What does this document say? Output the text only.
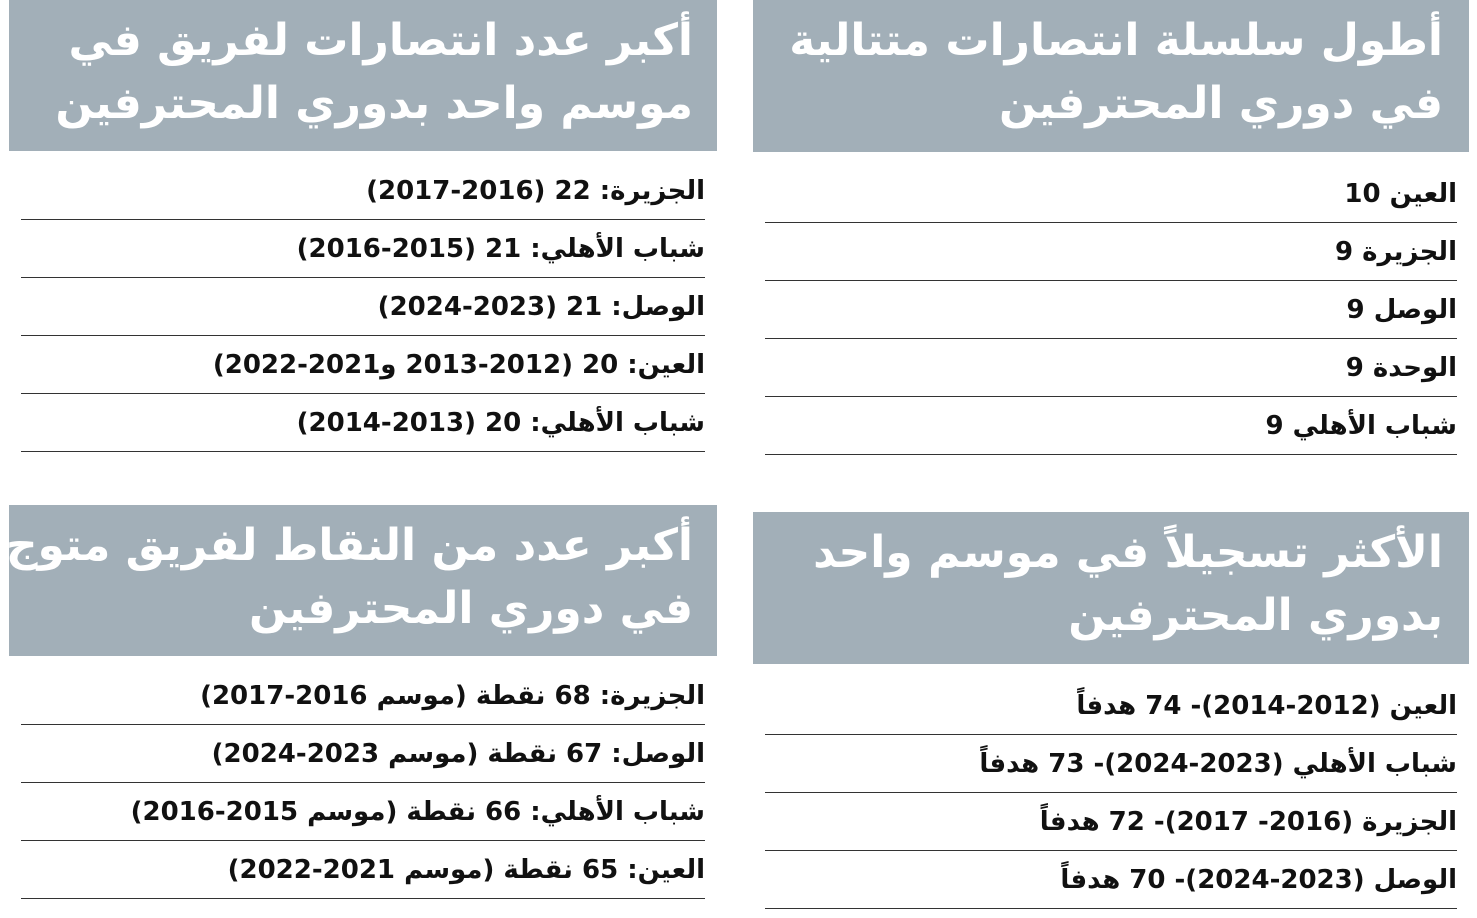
أطول سلسلة انتصارات متتالية
في دوري المحترفين
العين 10
الجزيرة 9
الوصل 9
الوحدة 9
شباب الأهلي 9
أكبر عدد انتصارات لفريق في
موسم واحد بدوري المحترفين
الجزيرة: 22 (2016-2017)
شباب الأهلي: 21 (2015-2016)
الوصل: 21 (2023-2024)
العين: 20 (2012-2013 و2021-2022)
شباب الأهلي: 20 (2013-2014)
الأكثر تسجيلاً في موسم واحد
بدوري المحترفين
العين (2012-2014)- 74 هدفاً
شباب الأهلي (2023-2024)- 73 هدفاً
الجزيرة (2016- 2017)- 72 هدفاً
الوصل (2023-2024)- 70 هدفاً
أكبر عدد من النقاط لفريق متوج
في دوري المحترفين
الجزيرة: 68 نقطة (موسم 2016-2017)
الوصل: 67 نقطة (موسم 2023-2024)
شباب الأهلي: 66 نقطة (موسم 2015-2016)
العين: 65 نقطة (موسم 2021-2022)
